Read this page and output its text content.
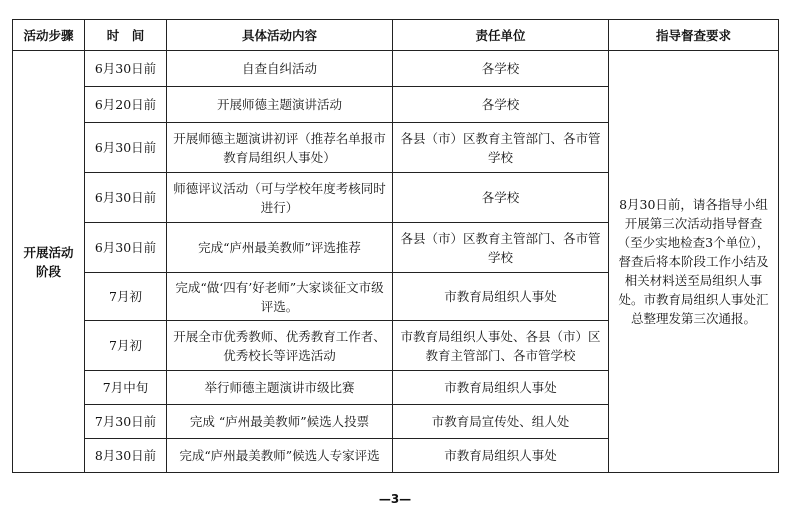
活动步骤	时　间	具体活动内容	责任单位	指导督查要求
开展活动阶段	6月30日前	自查自纠活动	各学校	8月30日前，请各指导小组开展第三次活动指导督查（至少实地检查3个单位），督查后将本阶段工作小结及相关材料送至局组织人事处。市教育局组织人事处汇总整理发第三次通报。
	6月20日前	开展师德主题演讲活动	各学校	
	6月30日前	开展师德主题演讲初评（推荐名单报市教育局组织人事处）	各县（市）区教育主管部门、各市管学校	
	6月30日前	师德评议活动（可与学校年度考核同时进行）	各学校	
	6月30日前	完成“庐州最美教师”评选推荐	各县（市）区教育主管部门、各市管学校	
	7月初	完成“做‘四有’好老师”大家谈征文市级评选。	市教育局组织人事处	
	7月初	开展全市优秀教师、优秀教育工作者、优秀校长等评选活动	市教育局组织人事处、各县（市）区教育主管部门、各市管学校	
	7月中旬	举行师德主题演讲市级比赛	市教育局组织人事处	
	7月30日前	完成 “庐州最美教师”候选人投票	市教育局宣传处、组人处	
	8月30日前	完成“庐州最美教师”候选人专家评选	市教育局组织人事处	
—3—
